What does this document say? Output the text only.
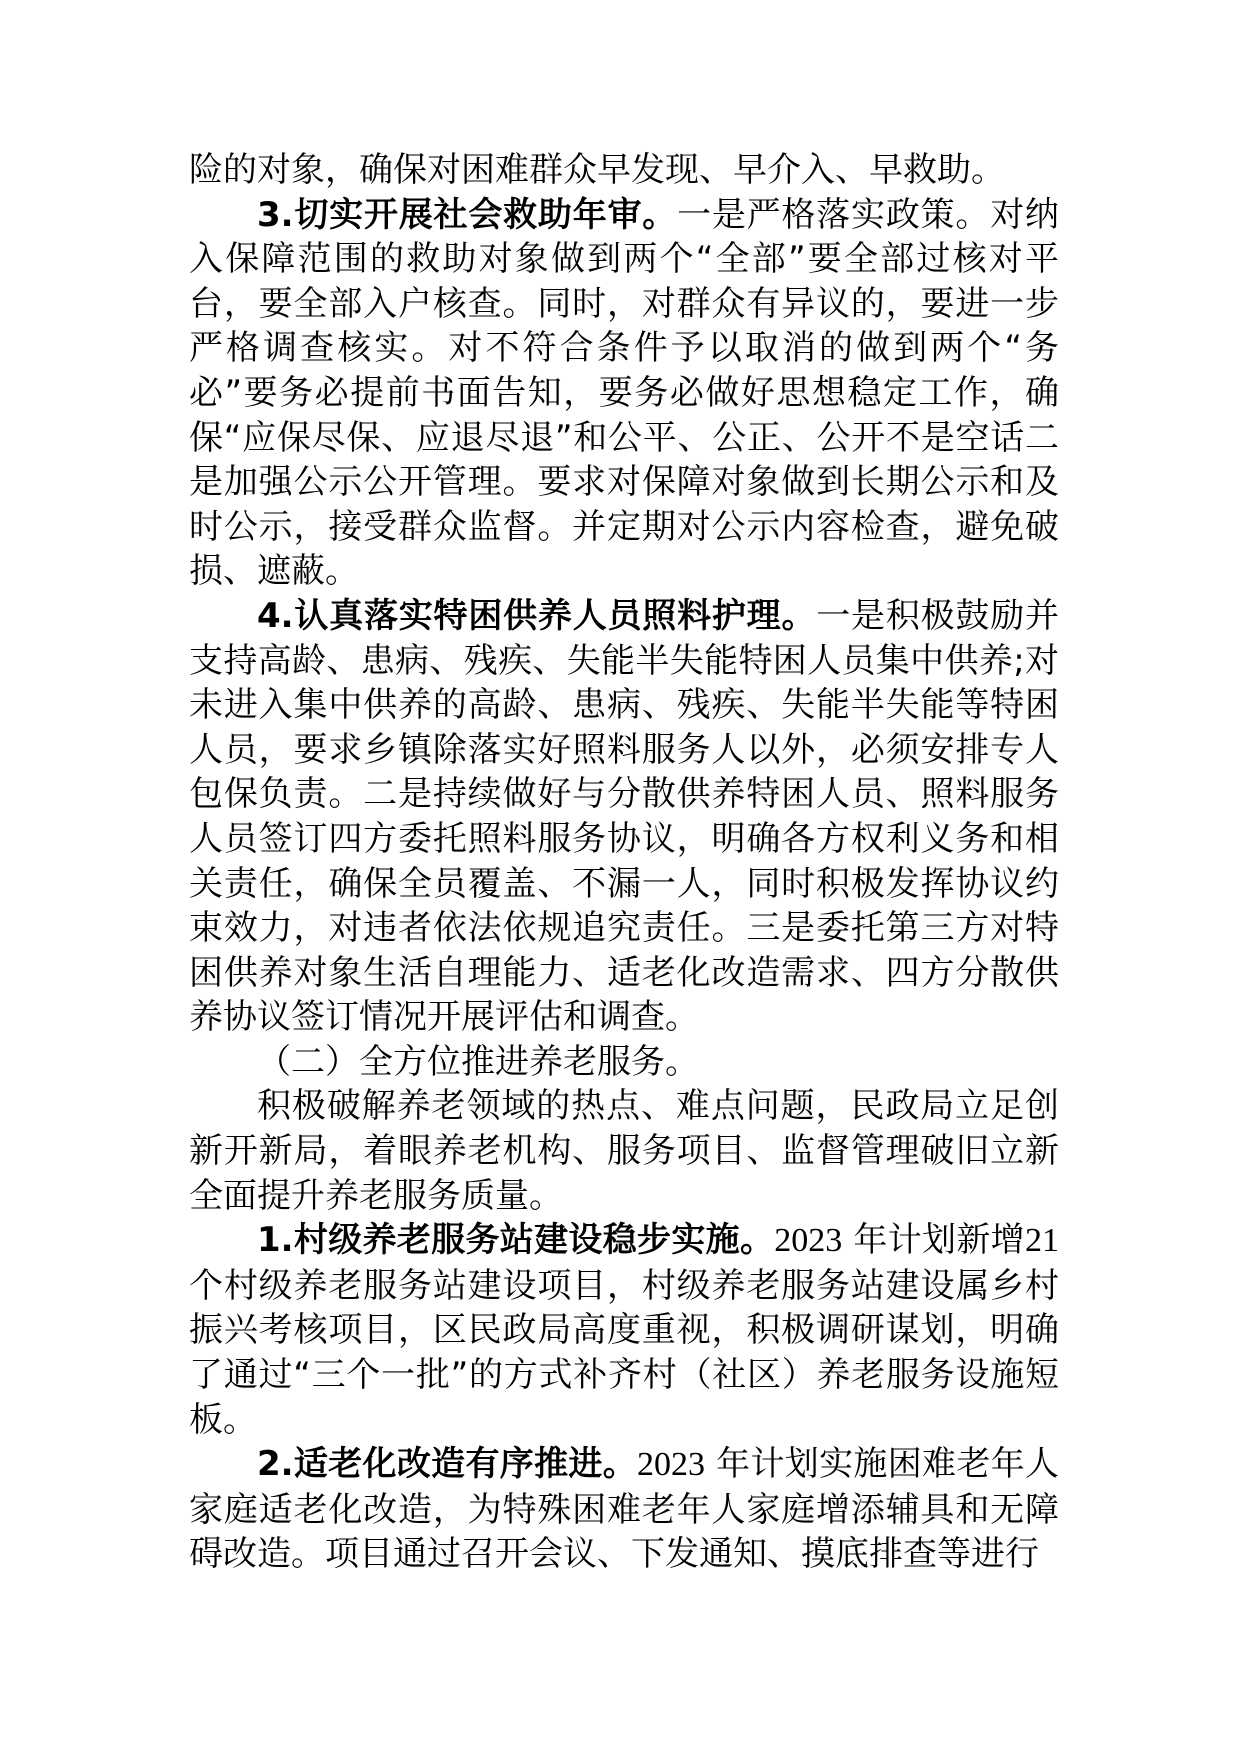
险的对象，确保对困难群众早发现、早介入、早救助。

3.切实开展社会救助年审。一是严格落实政策。对纳入保障范围的救助对象做到两个“全部”要全部过核对平台，要全部入户核查。同时，对群众有异议的，要进一步严格调查核实。对不符合条件予以取消的做到两个“务必”要务必提前书面告知，要务必做好思想稳定工作，确保“应保尽保、应退尽退”和公平、公正、公开不是空话二是加强公示公开管理。要求对保障对象做到长期公示和及时公示，接受群众监督。并定期对公示内容检查，避免破损、遮蔽。

4.认真落实特困供养人员照料护理。一是积极鼓励并支持高龄、患病、残疾、失能半失能特困人员集中供养;对未进入集中供养的高龄、患病、残疾、失能半失能等特困人员，要求乡镇除落实好照料服务人以外，必须安排专人包保负责。二是持续做好与分散供养特困人员、照料服务人员签订四方委托照料服务协议，明确各方权利义务和相关责任，确保全员覆盖、不漏一人，同时积极发挥协议约束效力，对违者依法依规追究责任。三是委托第三方对特困供养对象生活自理能力、适老化改造需求、四方分散供养协议签订情况开展评估和调查。

（二）全方位推进养老服务。

积极破解养老领域的热点、难点问题，民政局立足创新开新局，着眼养老机构、服务项目、监督管理破旧立新全面提升养老服务质量。

1.村级养老服务站建设稳步实施。2023 年计划新增21个村级养老服务站建设项目，村级养老服务站建设属乡村振兴考核项目，区民政局高度重视，积极调研谋划，明确了通过“三个一批”的方式补齐村（社区）养老服务设施短板。

2.适老化改造有序推进。2023 年计划实施困难老年人家庭适老化改造，为特殊困难老年人家庭增添辅具和无障碍改造。项目通过召开会议、下发通知、摸底排查等进行
